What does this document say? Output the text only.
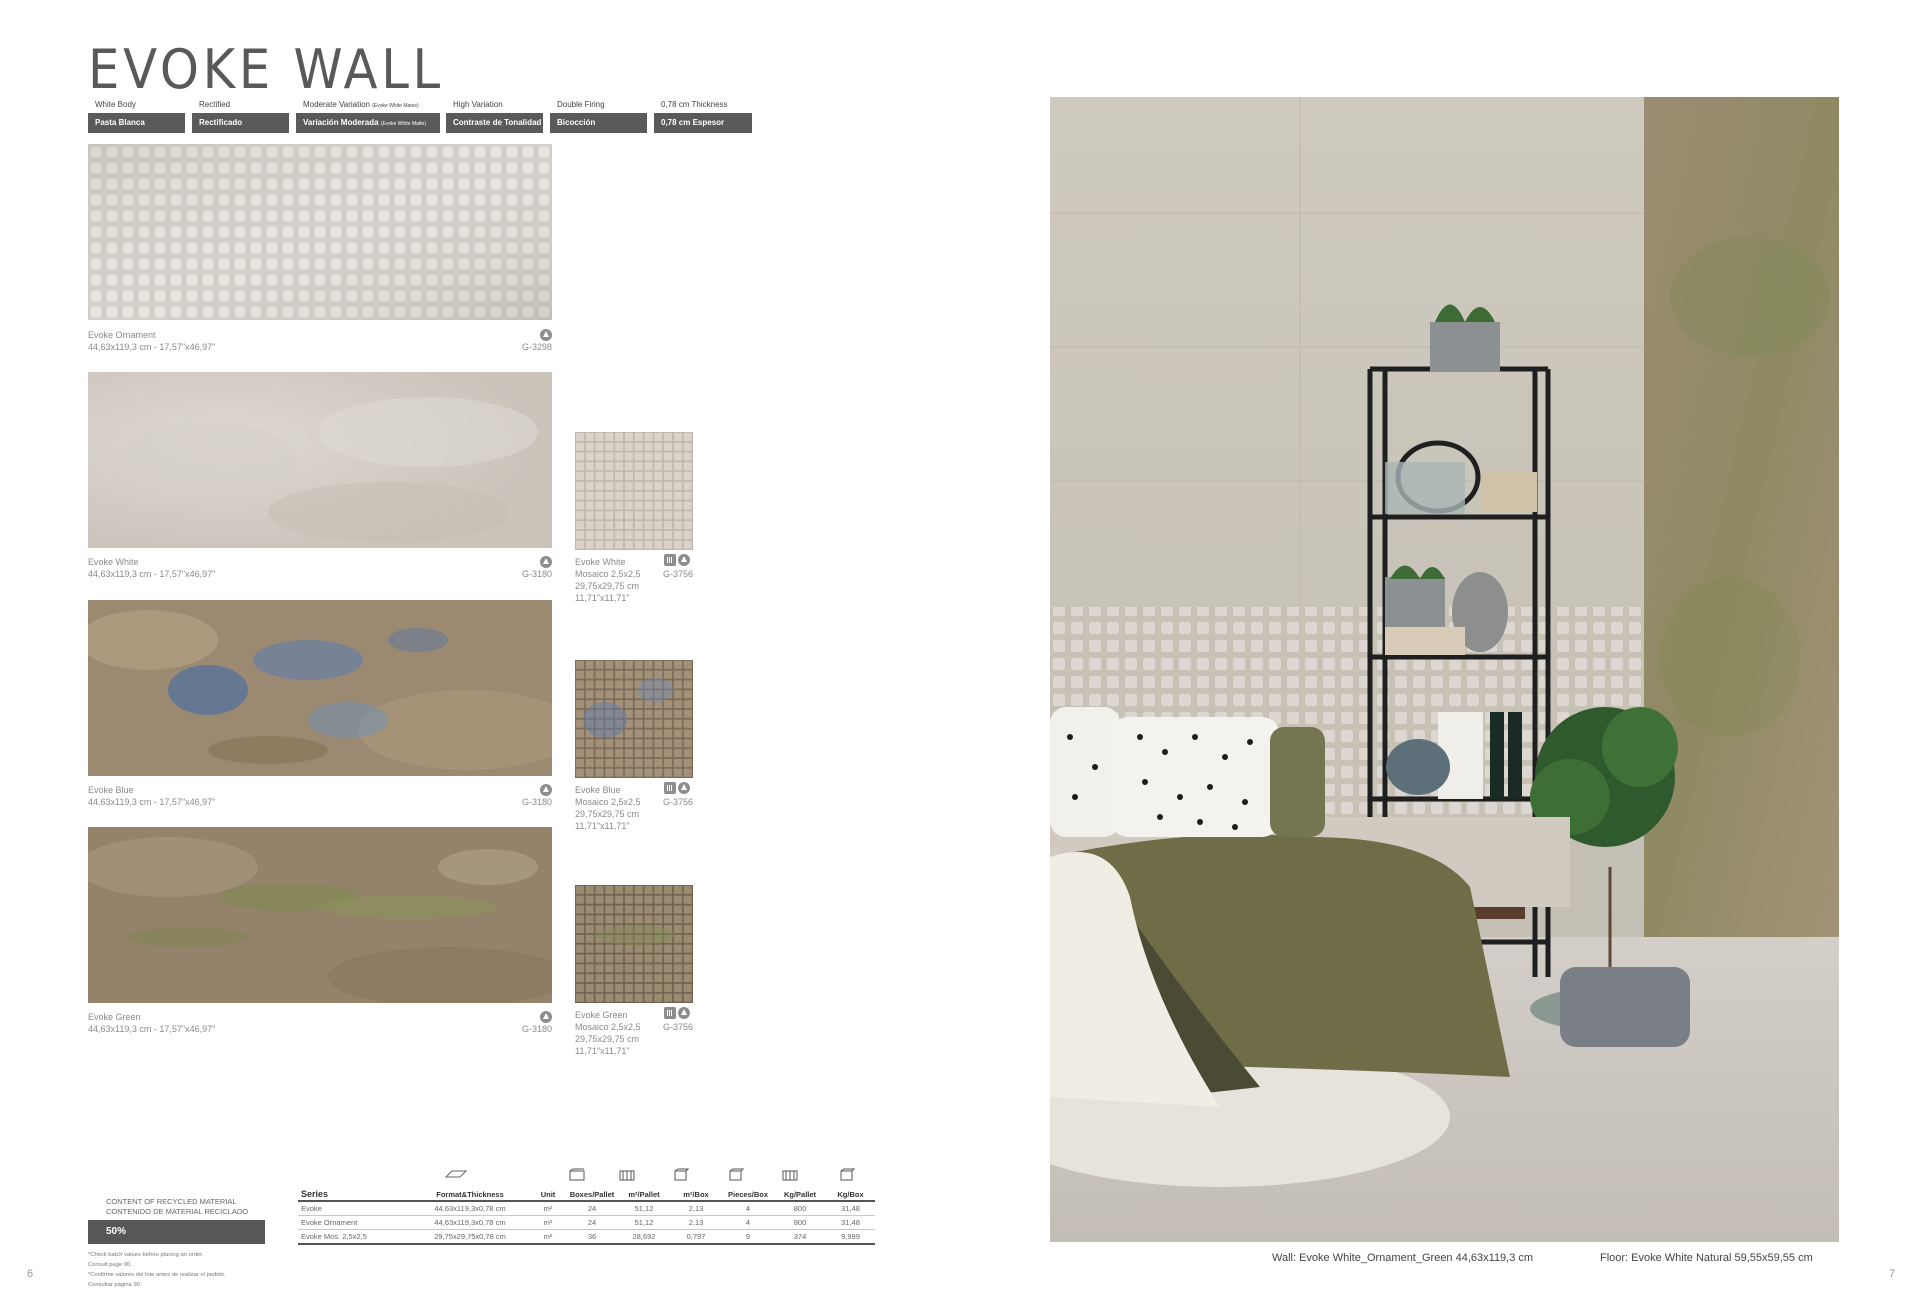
EVOKE WALL
White Body
Pasta Blanca
Rectified
Rectificado
Moderate Variation (Evoke White Mates)
Variación Moderada (Evoke White Matte)
High Variation
Contraste de Tonalidad
Double Firing
Bicocción
0,78 cm Thickness
0,78 cm Espesor
Evoke Ornament
44,63x119,3 cm - 17,57"x46,97"	G-3298
Evoke White
44,63x119,3 cm - 17,57"x46,97"	G-3180
Evoke Blue
44,63x119,3 cm - 17,57"x46,97"	G-3180
Evoke Green
44,63x119,3 cm - 17,57"x46,97"	G-3180
Evoke White
Mosaico 2,5x2,5
29,75x29,75 cm
11,71"x11,71"
G-3756
Evoke Blue
Mosaico 2,5x2,5
29,75x29,75 cm
11,71"x11,71"
G-3756
Evoke Green
Mosaico 2,5x2,5
29,75x29,75 cm
11,71"x11,71"
G-3756
CONTENT OF RECYCLED MATERIAL
CONTENIDO DE MATERIAL RECICLADO
50%
Series	Format&Thickness	Unit	Boxes/Pallet	m²/Pallet	m²/Box	Pieces/Box	Kg/Pallet	Kg/Box
Evoke	44,63x119,3x0,78 cm	m²	24	51,12	2,13	4	800	31,48
Evoke Ornament	44,63x119,3x0,78 cm	m²	24	51,12	2,13	4	800	31,48
Evoke Mos. 2,5x2,5	29,75x29,75x0,78 cm	m²	36	28,692	0,797	9	374	9,999
*Check batch values before placing an order.
Consult page 90.
*Confirme valores del lote antes de realizar el pedido.
Consultar página 90.
6	7
Wall: Evoke White_Ornament_Green 44,63x119,3 cm	Floor: Evoke White Natural 59,55x59,55 cm
